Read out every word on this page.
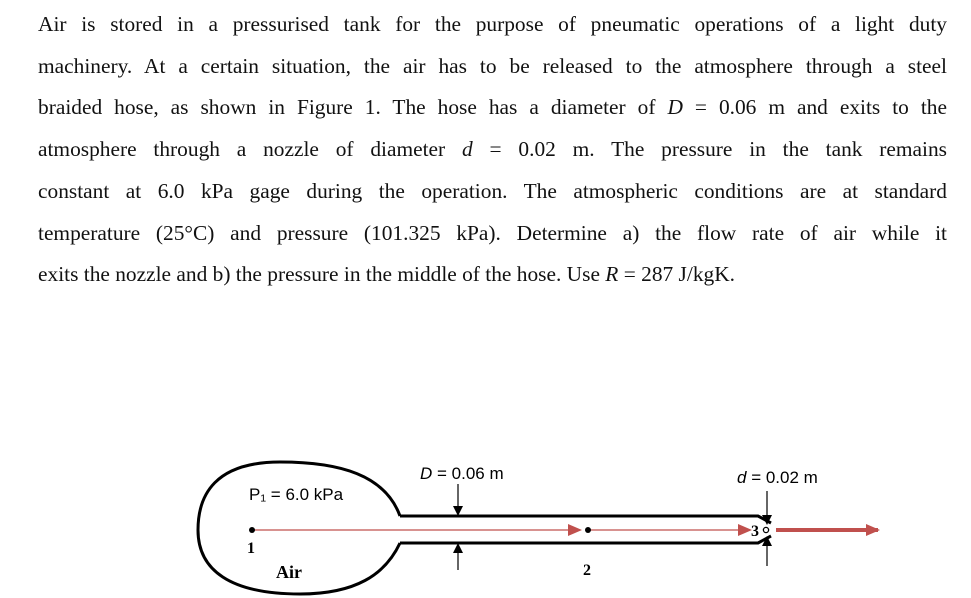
Air is stored in a pressurised tank for the purpose of pneumatic operations of a light duty
machinery. At a certain situation, the air has to be released to the atmosphere through a steel
braided hose, as shown in Figure 1. The hose has a diameter of D = 0.06 m and exits to the
atmosphere through a nozzle of diameter d = 0.02 m. The pressure in the tank remains
constant at 6.0 kPa gage during the operation. The atmospheric conditions are at standard
temperature (25°C) and pressure (101.325 kPa). Determine a) the flow rate of air while it
exits the nozzle and b) the pressure in the middle of the hose. Use R = 287 J/kgK.
P₁ = 6.0 kPa
Air
D = 0.06 m	d = 0.02 m
1
2
3
